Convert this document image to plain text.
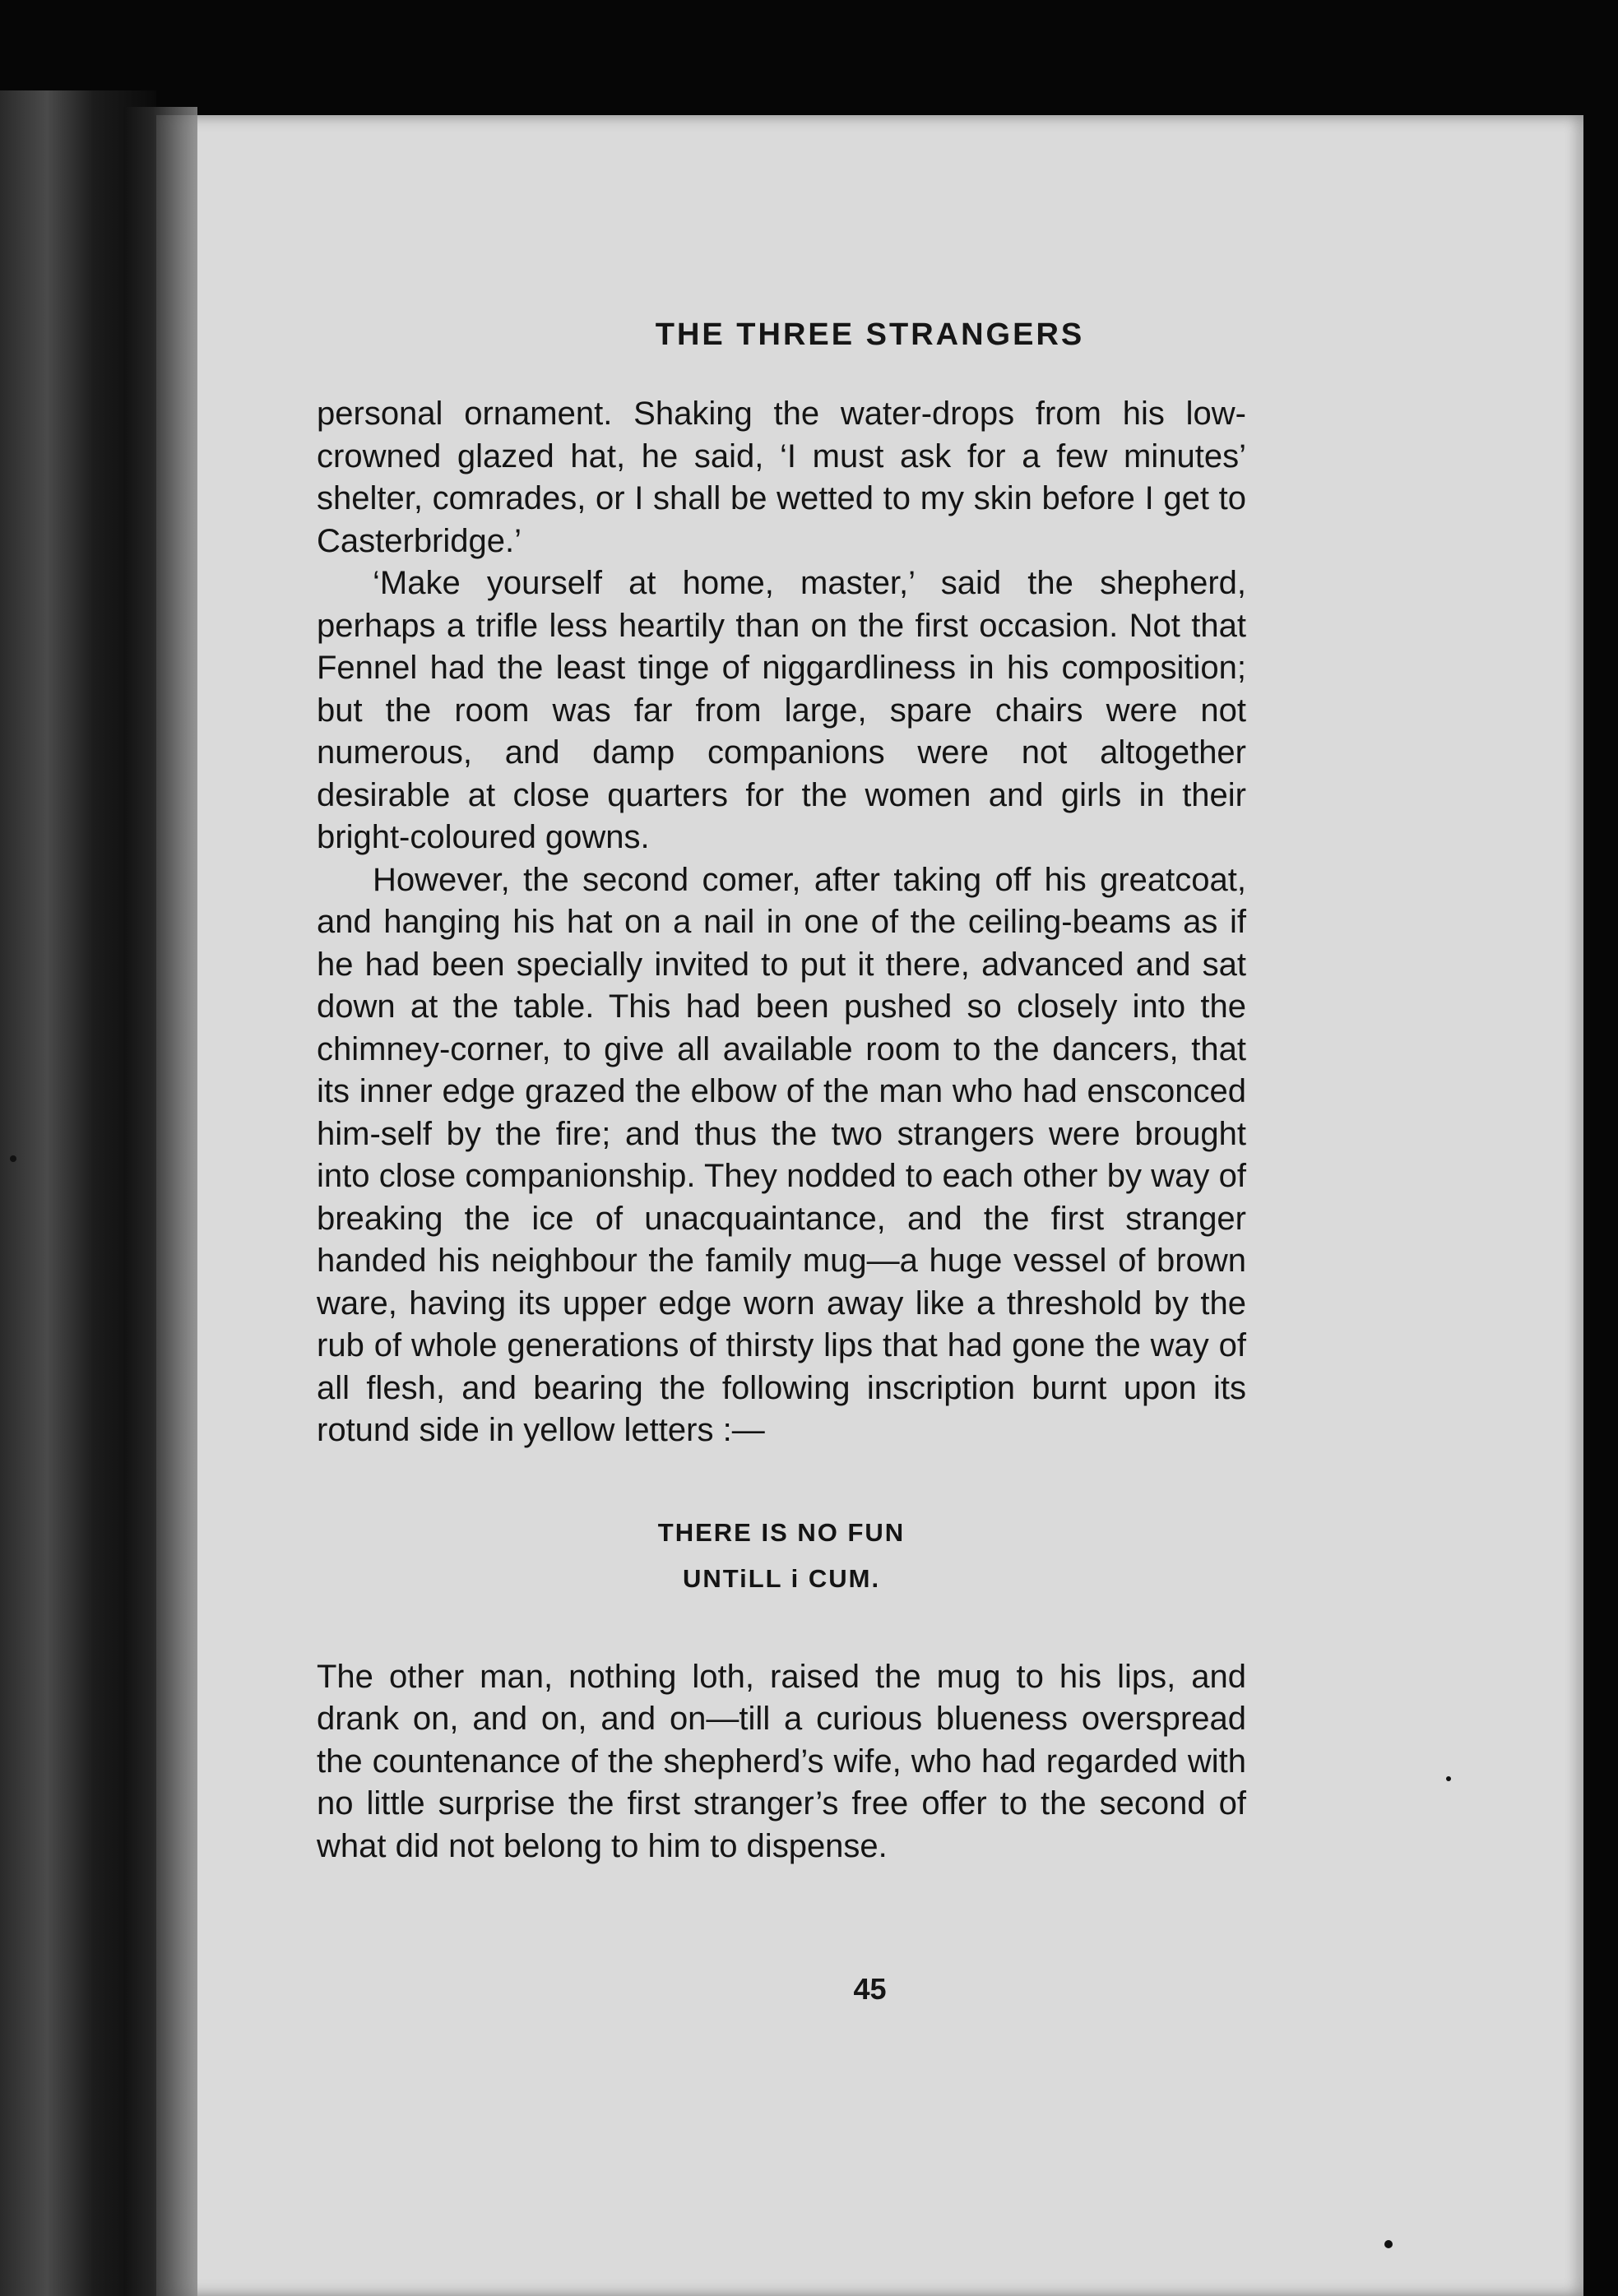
THE THREE STRANGERS

personal ornament. Shaking the water-drops from his low-crowned glazed hat, he said, ‘I must ask for a few minutes’ shelter, comrades, or I shall be wetted to my skin before I get to Casterbridge.’

‘Make yourself at home, master,’ said the shepherd, perhaps a trifle less heartily than on the first occasion. Not that Fennel had the least tinge of niggardliness in his composition; but the room was far from large, spare chairs were not numerous, and damp companions were not altogether desirable at close quarters for the women and girls in their bright-coloured gowns.

However, the second comer, after taking off his greatcoat, and hanging his hat on a nail in one of the ceiling-beams as if he had been specially invited to put it there, advanced and sat down at the table. This had been pushed so closely into the chimney-corner, to give all available room to the dancers, that its inner edge grazed the elbow of the man who had ensconced him-self by the fire; and thus the two strangers were brought into close companionship. They nodded to each other by way of breaking the ice of unacquaintance, and the first stranger handed his neighbour the family mug—a huge vessel of brown ware, having its upper edge worn away like a threshold by the rub of whole generations of thirsty lips that had gone the way of all flesh, and bearing the following inscription burnt upon its rotund side in yellow letters :—

THERE IS NO FUN
UNTiLL i CUM.

The other man, nothing loth, raised the mug to his lips, and drank on, and on, and on—till a curious blueness overspread the countenance of the shepherd’s wife, who had regarded with no little surprise the first stranger’s free offer to the second of what did not belong to him to dispense.

45
